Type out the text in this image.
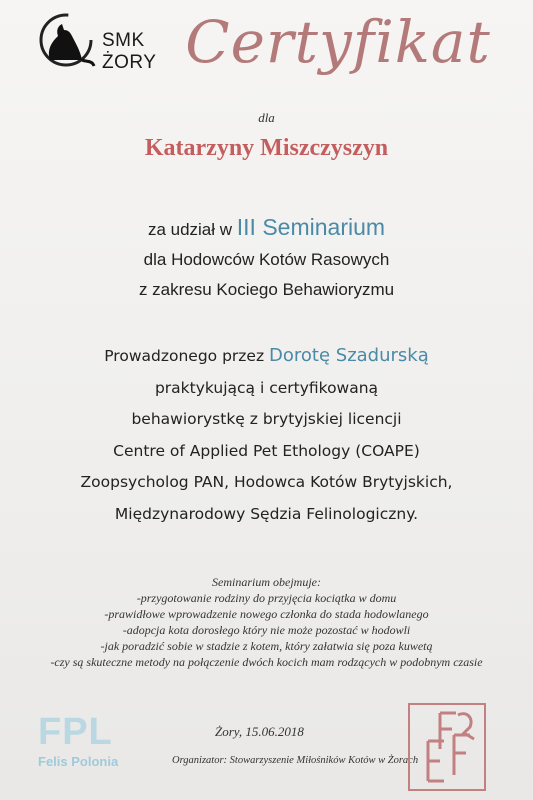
SMK
ŻORY Certyfikat
dla
Katarzyny Miszczyszyn
za udział w III Seminarium
dla Hodowców Kotów Rasowych
z zakresu Kociego Behawioryzmu
Prowadzonego przez Dorotę Szadurską
praktykującą i certyfikowaną
behawiorystkę z brytyjskiej licencji
Centre of Applied Pet Ethology (COAPE)
Zoopsycholog PAN, Hodowca Kotów Brytyjskich,
Międzynarodowy Sędzia Felinologiczny.
Seminarium obejmuje:
-przygotowanie rodziny do przyjęcia kociątka w domu
-prawidłowe wprowadzenie nowego członka do stada hodowlanego
-adopcja kota dorosłego który nie może pozostać w hodowli
-jak poradzić sobie w stadzie z kotem, który załatwia się poza kuwetą
-czy są skuteczne metody na połączenie dwóch kocich mam rodzących w podobnym czasie
FPL
Felis Polonia
Żory, 15.06.2018
Organizator: Stowarzyszenie Miłośników Kotów w Żorach
